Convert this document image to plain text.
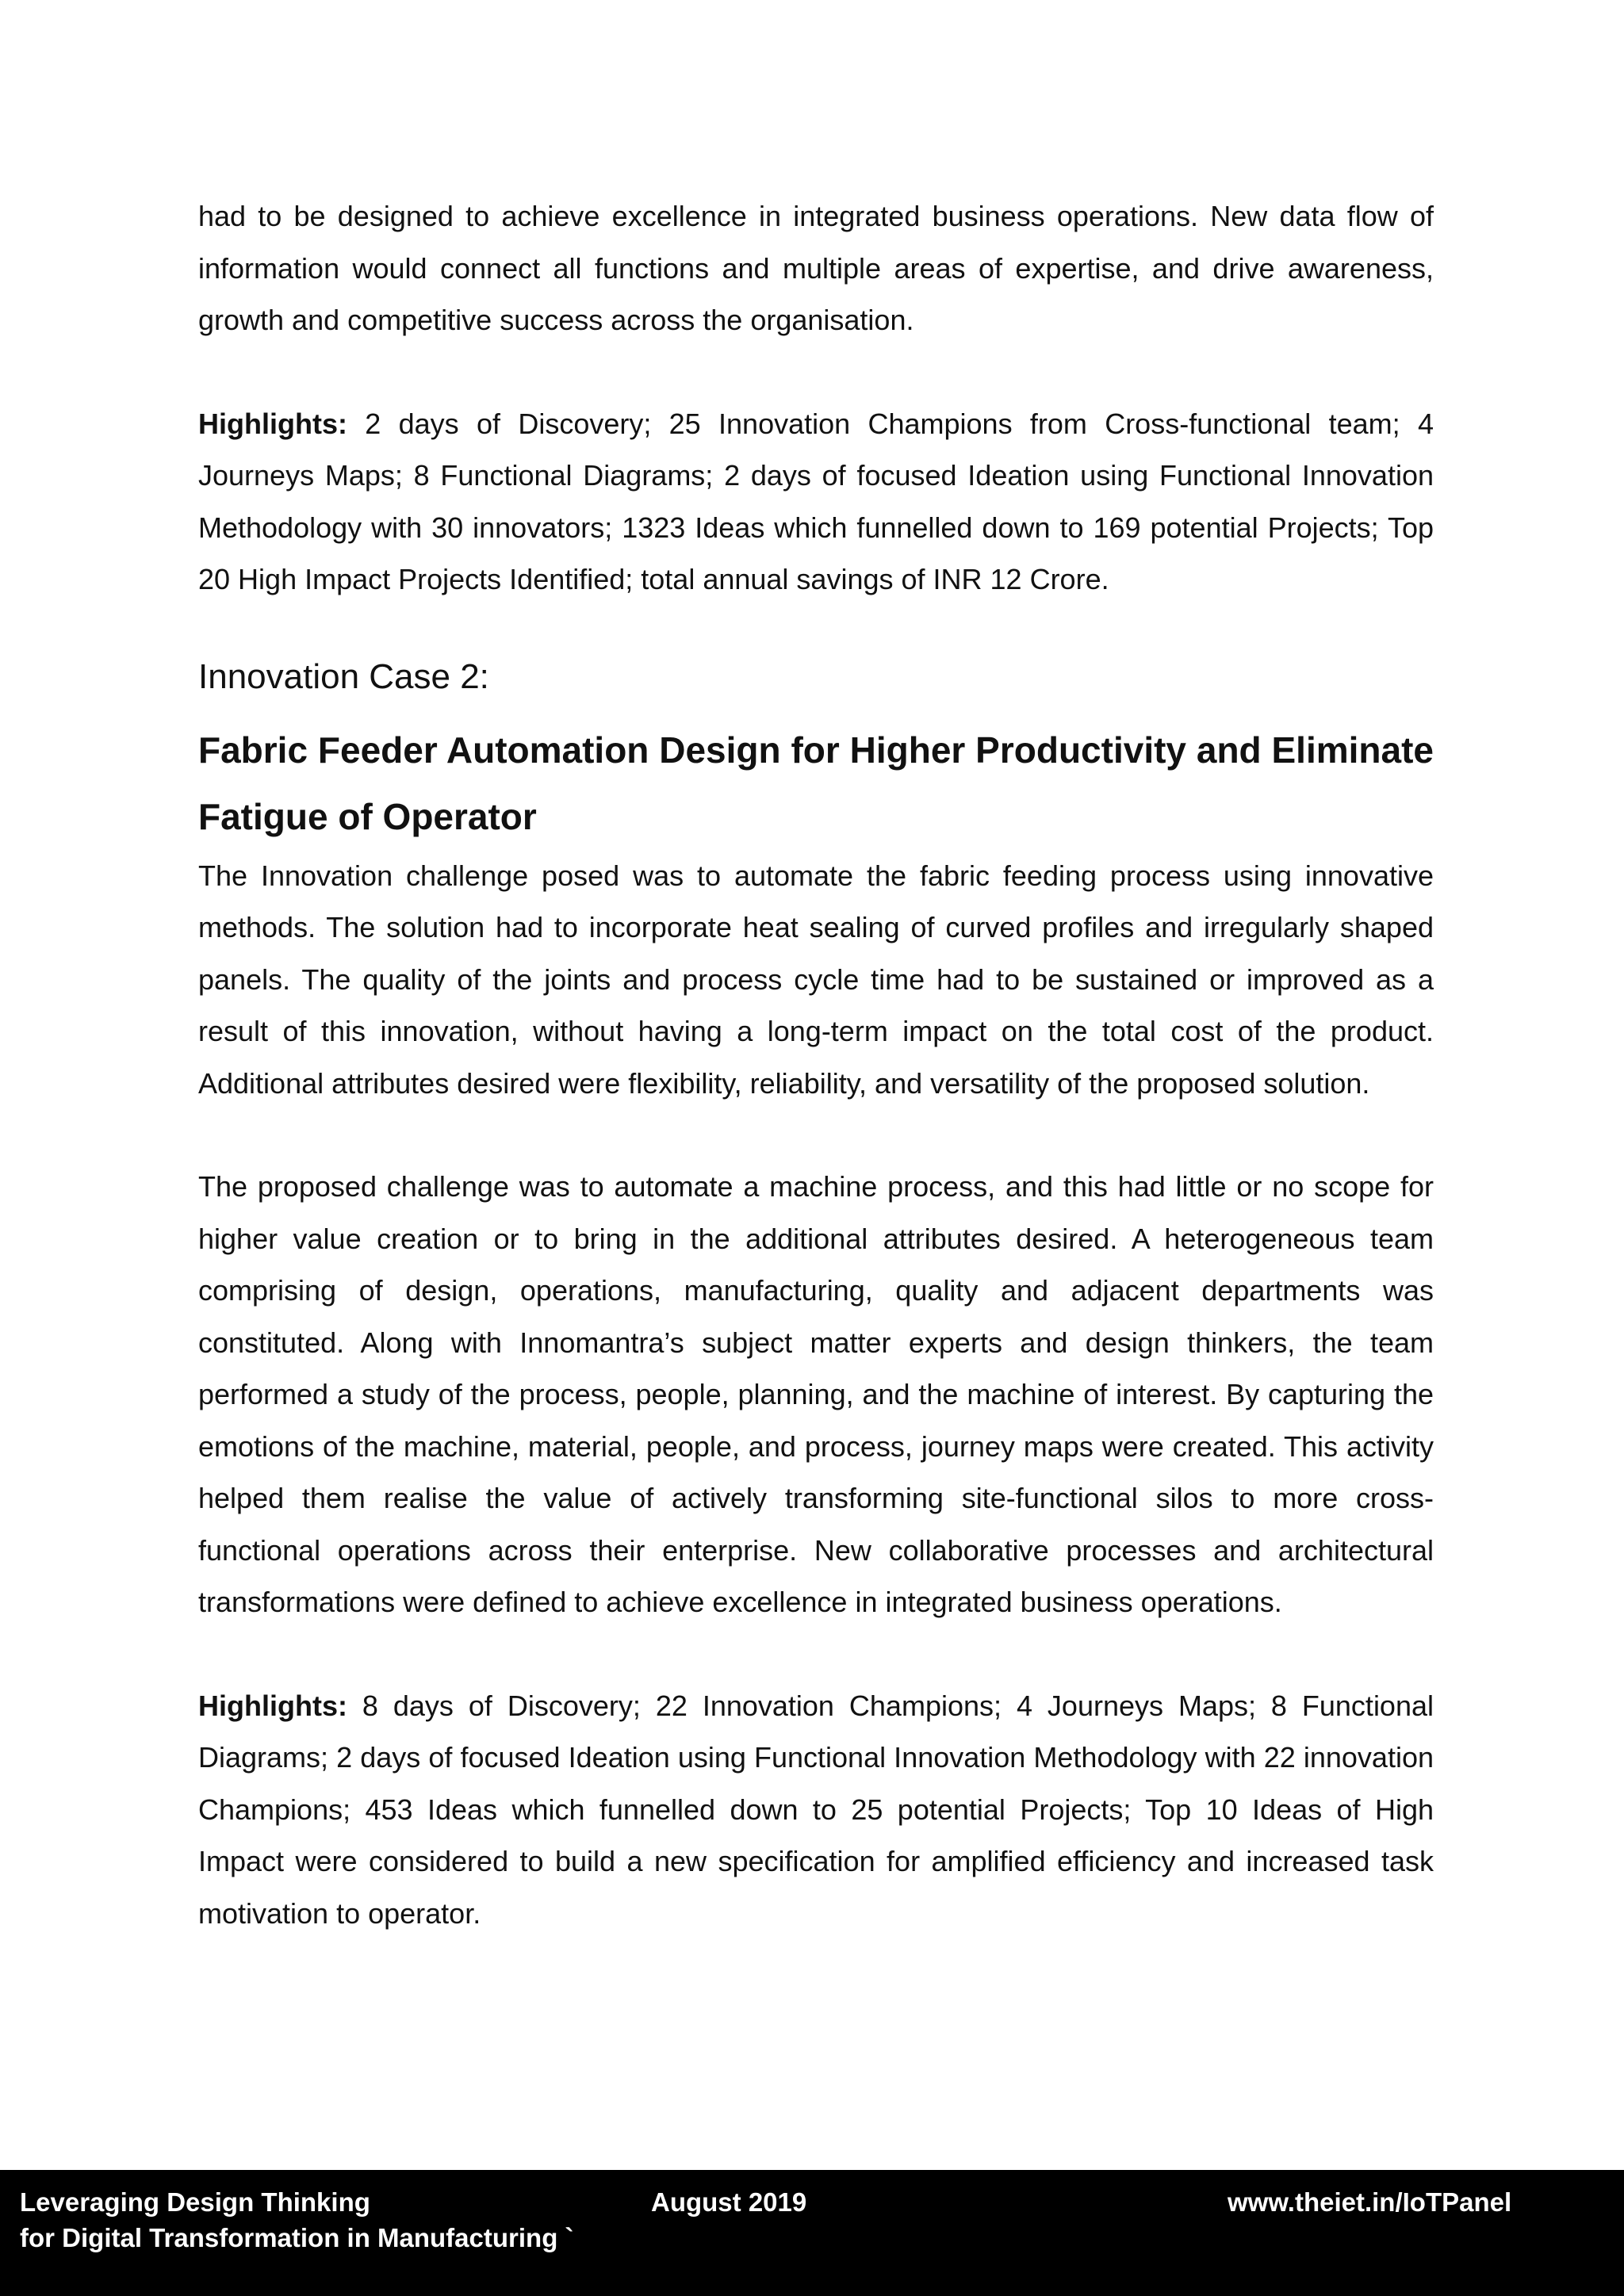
had to be designed to achieve excellence in integrated business operations. New data flow of information would connect all functions and multiple areas of expertise, and drive awareness, growth and competitive success across the organisation.

Highlights: 2 days of Discovery; 25 Innovation Champions from Cross-functional team; 4 Journeys Maps; 8 Functional Diagrams; 2 days of focused Ideation using Functional Innovation Methodology with 30 innovators; 1323 Ideas which funnelled down to 169 potential Projects; Top 20 High Impact Projects Identified; total annual savings of INR 12 Crore.

Innovation Case 2:
Fabric Feeder Automation Design for Higher Productivity and Eliminate Fatigue of Operator

The Innovation challenge posed was to automate the fabric feeding process using innovative methods. The solution had to incorporate heat sealing of curved profiles and irregularly shaped panels. The quality of the joints and process cycle time had to be sustained or improved as a result of this innovation, without having a long-term impact on the total cost of the product. Additional attributes desired were flexibility, reliability, and versatility of the proposed solution.

The proposed challenge was to automate a machine process, and this had little or no scope for higher value creation or to bring in the additional attributes desired. A heterogeneous team comprising of design, operations, manufacturing, quality and adjacent departments was constituted. Along with Innomantra’s subject matter experts and design thinkers, the team performed a study of the process, people, planning, and the machine of interest. By capturing the emotions of the machine, material, people, and process, journey maps were created. This activity helped them realise the value of actively transforming site-functional silos to more cross-functional operations across their enterprise. New collaborative processes and architectural transformations were defined to achieve excellence in integrated business operations.

Highlights: 8 days of Discovery; 22 Innovation Champions; 4 Journeys Maps; 8 Functional Diagrams; 2 days of focused Ideation using Functional Innovation Methodology with 22 innovation Champions; 453 Ideas which funnelled down to 25 potential Projects; Top 10 Ideas of High Impact were considered to build a new specification for amplified efficiency and increased task motivation to operator.

Leveraging Design Thinking
for Digital Transformation in Manufacturing `
August 2019	www.theiet.in/IoTPanel
